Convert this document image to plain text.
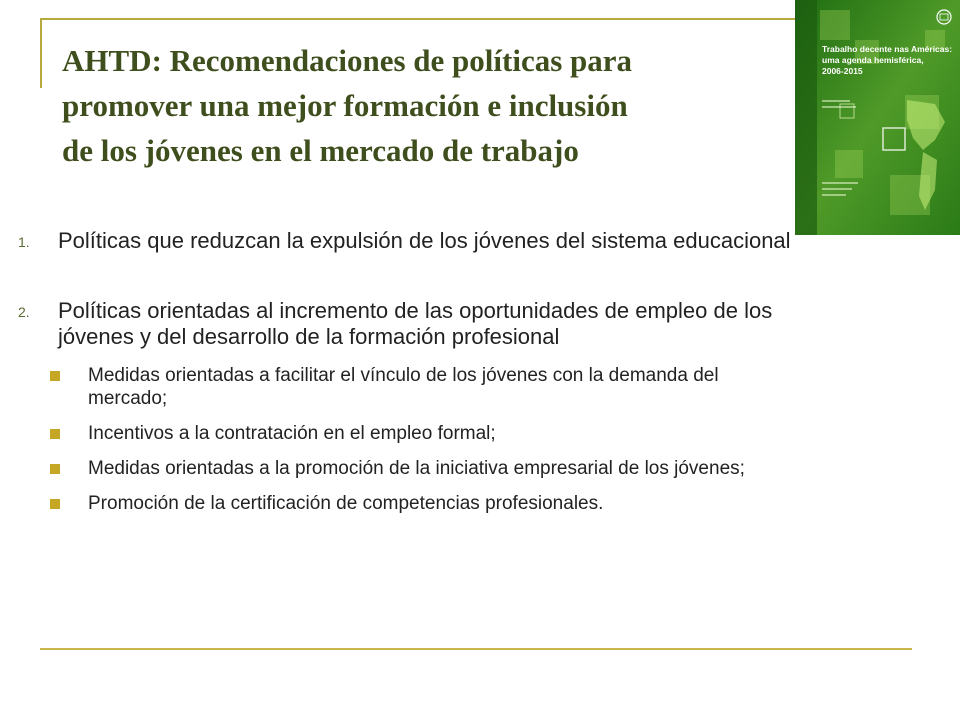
AHTD: Recomendaciones de políticas para
promover una mejor formación e inclusión
de los jóvenes en el mercado de trabajo
Trabalho decente nas Américas:
uma agenda hemisférica,
2006-2015
1. Políticas que reduzcan la expulsión de los jóvenes del sistema educacional
2. Políticas orientadas al incremento de las oportunidades de empleo de los jóvenes y del desarrollo de la formación profesional
Medidas orientadas a facilitar el vínculo de los jóvenes con la demanda del mercado;
Incentivos a la contratación en el empleo formal;
Medidas orientadas a la promoción de la iniciativa empresarial de los jóvenes;
Promoción de la certificación de competencias profesionales.
